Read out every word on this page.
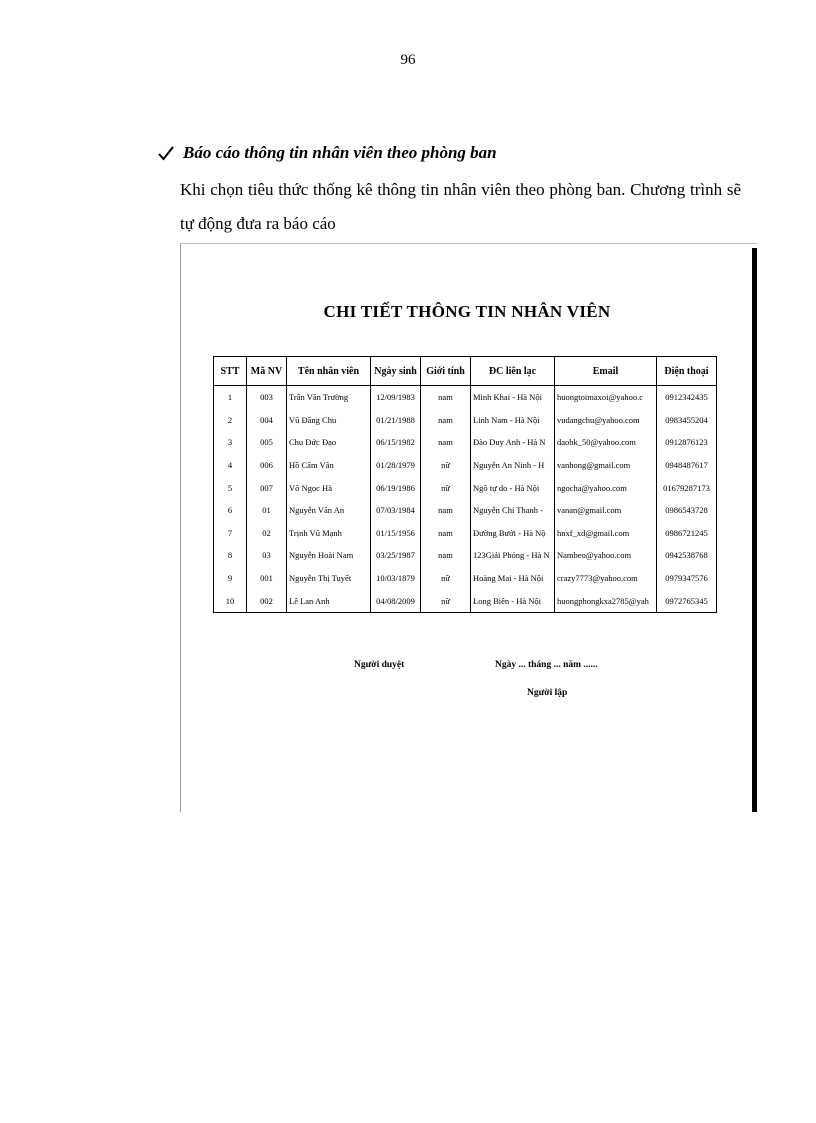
96
Báo cáo thông tin nhân viên theo phòng ban
Khi chọn tiêu thức thống kê thông tin nhân viên theo phòng ban. Chương trình sẽ tự động đưa ra báo cáo
CHI TIẾT THÔNG TIN NHÂN VIÊN
STT	Mã NV	Tên nhân viên	Ngày sinh	Giới tính	ĐC liên lạc	Email	Điện thoại
1	003	Trần Văn Trường	12/09/1983	nam	Minh Khai - Hà Nội	huongtoimaxoi@yahoo.c	0912342435
2	004	Vũ Đăng Chu	01/21/1988	nam	Linh Nam - Hà Nội	vudangchu@yahoo.com	0983455204
3	005	Chu Đức Đạo	06/15/1982	nam	Đào Duy Anh - Hà N	daobk_50@yahoo.com	0912876123
4	006	Hồ Cẩm Vân	01/28/1979	nữ	Nguyễn An Ninh - H	vanhong@gmail.com	0948487617
5	007	Võ Ngọc Hà	06/19/1986	nữ	Ngõ tự do - Hà Nội	ngocha@yahoo.com	01679287173
6	01	Nguyễn Văn An	07/03/1984	nam	Nguyễn Chí Thanh -	vanan@gmail.com	0986543728
7	02	Trịnh Vũ Mạnh	01/15/1956	nam	Đường Bưởi - Hà Nộ	hnxf_xd@gmail.com	0986721245
8	03	Nguyễn Hoài Nam	03/25/1987	nam	123Giải Phóng - Hà N	Nambeo@yahoo.com	0942538768
9	001	Nguyễn Thị Tuyết	10/03/1879	nữ	Hoàng Mai - Hà Nội	crazy7773@yahoo.com	0979347576
10	002	Lê Lan Anh	04/08/2009	nữ	Long Biên - Hà Nội	huongphongkxa2785@yah	0972765345
Người duyệt	Ngày ... tháng ... năm ......
Người lập
